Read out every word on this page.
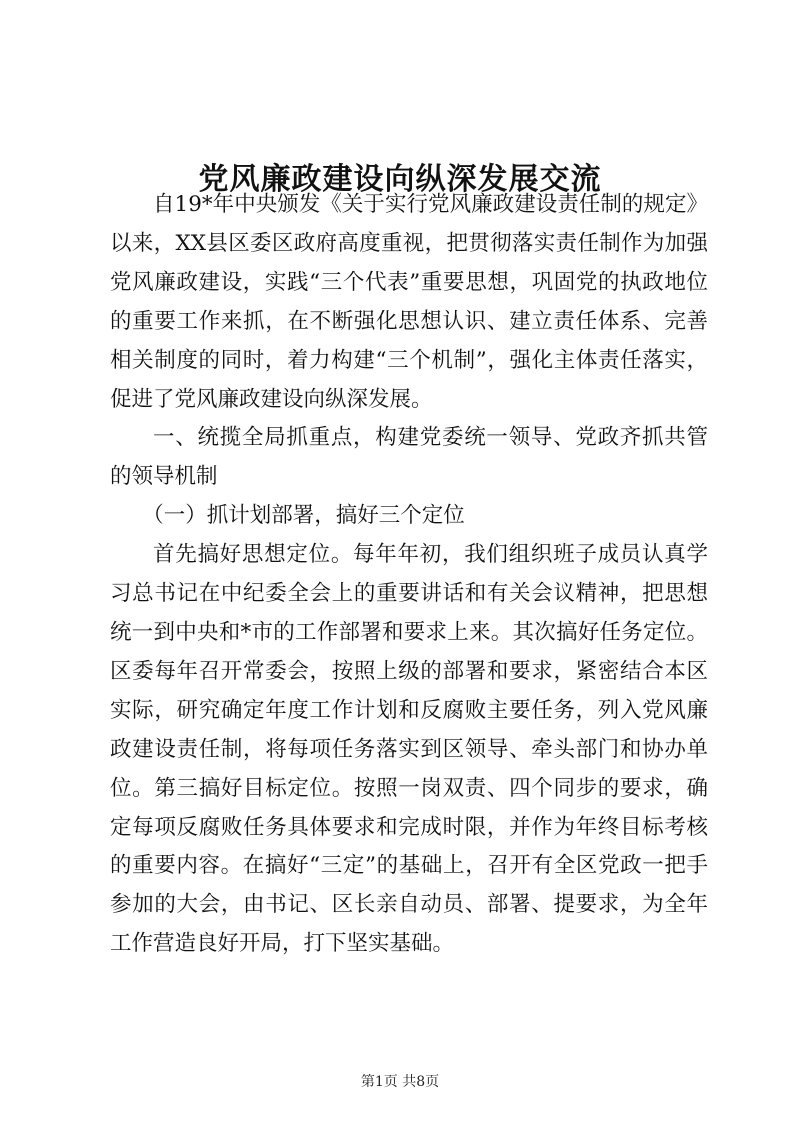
党风廉政建设向纵深发展交流

自19*年中央颁发《关于实行党风廉政建设责任制的规定》以来，XX县区委区政府高度重视，把贯彻落实责任制作为加强党风廉政建设，实践“三个代表”重要思想，巩固党的执政地位的重要工作来抓，在不断强化思想认识、建立责任体系、完善相关制度的同时，着力构建“三个机制”，强化主体责任落实，促进了党风廉政建设向纵深发展。

一、统揽全局抓重点，构建党委统一领导、党政齐抓共管的领导机制

（一）抓计划部署，搞好三个定位

首先搞好思想定位。每年年初，我们组织班子成员认真学习总书记在中纪委全会上的重要讲话和有关会议精神，把思想统一到中央和*市的工作部署和要求上来。其次搞好任务定位。区委每年召开常委会，按照上级的部署和要求，紧密结合本区实际，研究确定年度工作计划和反腐败主要任务，列入党风廉政建设责任制，将每项任务落实到区领导、牵头部门和协办单位。第三搞好目标定位。按照一岗双责、四个同步的要求，确定每项反腐败任务具体要求和完成时限，并作为年终目标考核的重要内容。在搞好“三定”的基础上，召开有全区党政一把手参加的大会，由书记、区长亲自动员、部署、提要求，为全年工作营造良好开局，打下坚实基础。

第1页 共8页
